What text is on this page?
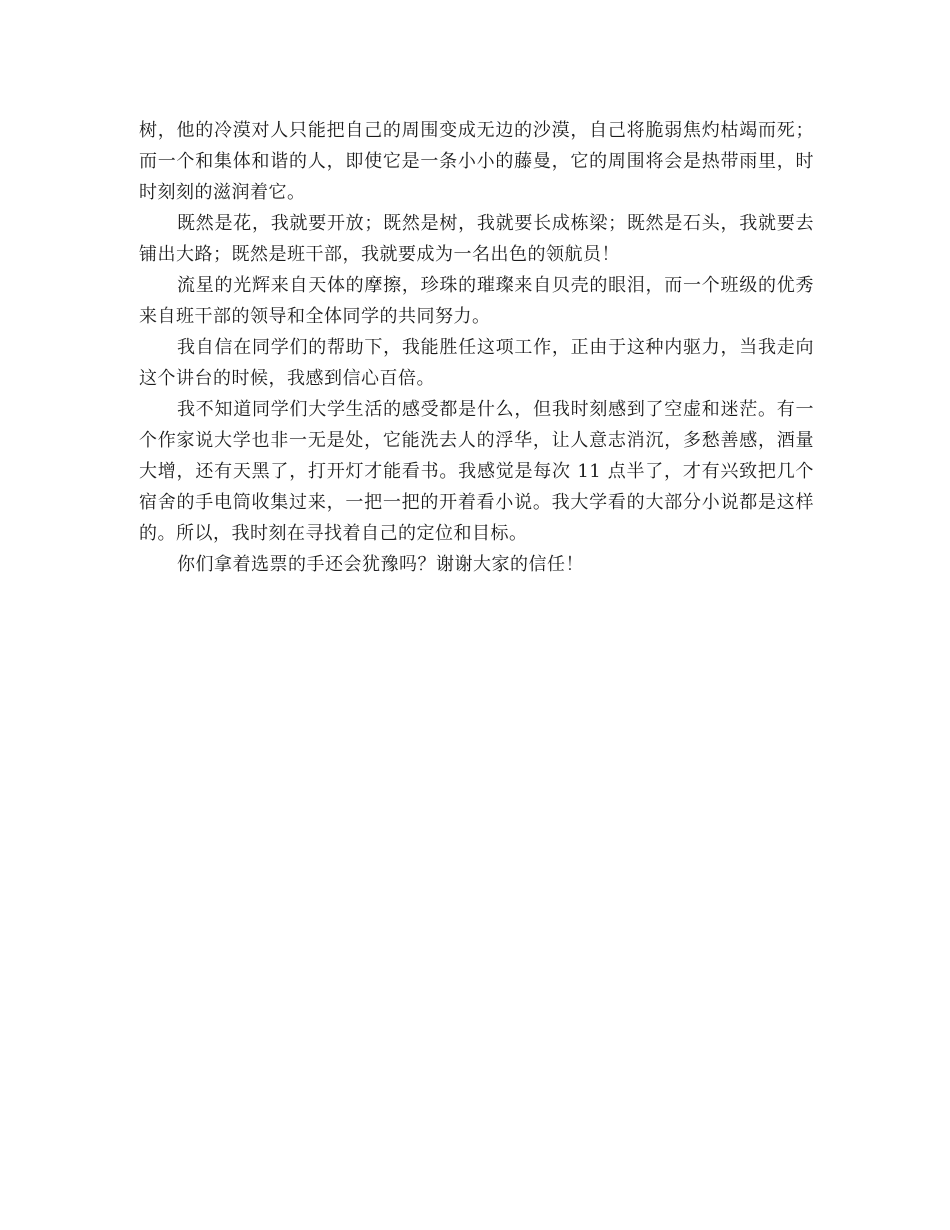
树，他的冷漠对人只能把自己的周围变成无边的沙漠，自己将脆弱焦灼枯竭而死；而一个和集体和谐的人，即使它是一条小小的藤曼，它的周围将会是热带雨里，时时刻刻的滋润着它。

既然是花，我就要开放；既然是树，我就要长成栋梁；既然是石头，我就要去铺出大路；既然是班干部，我就要成为一名出色的领航员！

流星的光辉来自天体的摩擦，珍珠的璀璨来自贝壳的眼泪，而一个班级的优秀来自班干部的领导和全体同学的共同努力。

我自信在同学们的帮助下，我能胜任这项工作，正由于这种内驱力，当我走向这个讲台的时候，我感到信心百倍。

我不知道同学们大学生活的感受都是什么，但我时刻感到了空虚和迷茫。有一个作家说大学也非一无是处，它能洗去人的浮华，让人意志消沉，多愁善感，酒量大增，还有天黑了，打开灯才能看书。我感觉是每次 11 点半了，才有兴致把几个宿舍的手电筒收集过来，一把一把的开着看小说。我大学看的大部分小说都是这样的。所以，我时刻在寻找着自己的定位和目标。

你们拿着选票的手还会犹豫吗？谢谢大家的信任！
